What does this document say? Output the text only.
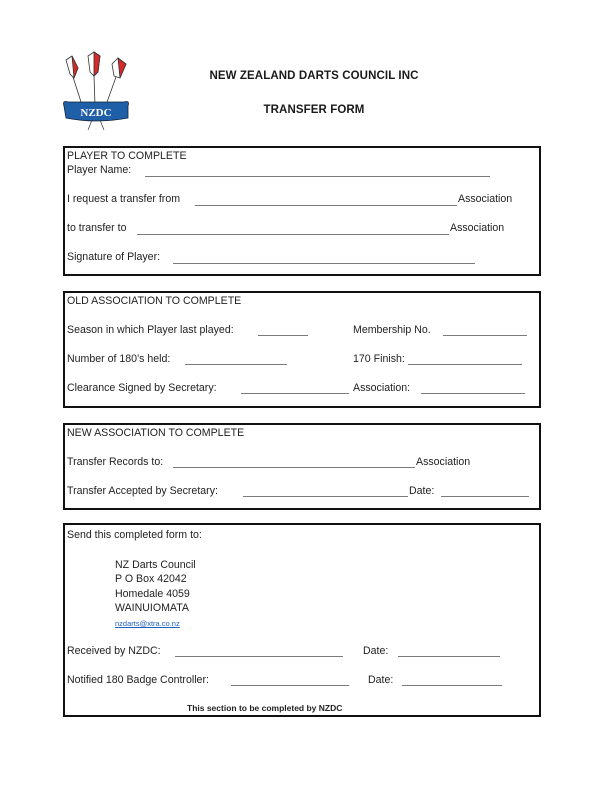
NZDC
NEW ZEALAND DARTS COUNCIL INC
TRANSFER FORM
PLAYER TO COMPLETE
Player Name:
I request a transfer from	Association
to transfer to	Association
Signature of Player:
OLD ASSOCIATION TO COMPLETE
Season in which Player last played:	Membership No.
Number of 180's held:	170 Finish:
Clearance Signed by Secretary:	Association:
NEW ASSOCIATION TO COMPLETE
Transfer Records to:	Association
Transfer Accepted by Secretary:	Date:
Send this completed form to:
NZ Darts Council
P O Box 42042
Homedale 4059
WAINUIOMATA
nzdarts@xtra.co.nz
Received by NZDC:	Date:
Notified 180 Badge Controller:	Date:
This section to be completed by NZDC
